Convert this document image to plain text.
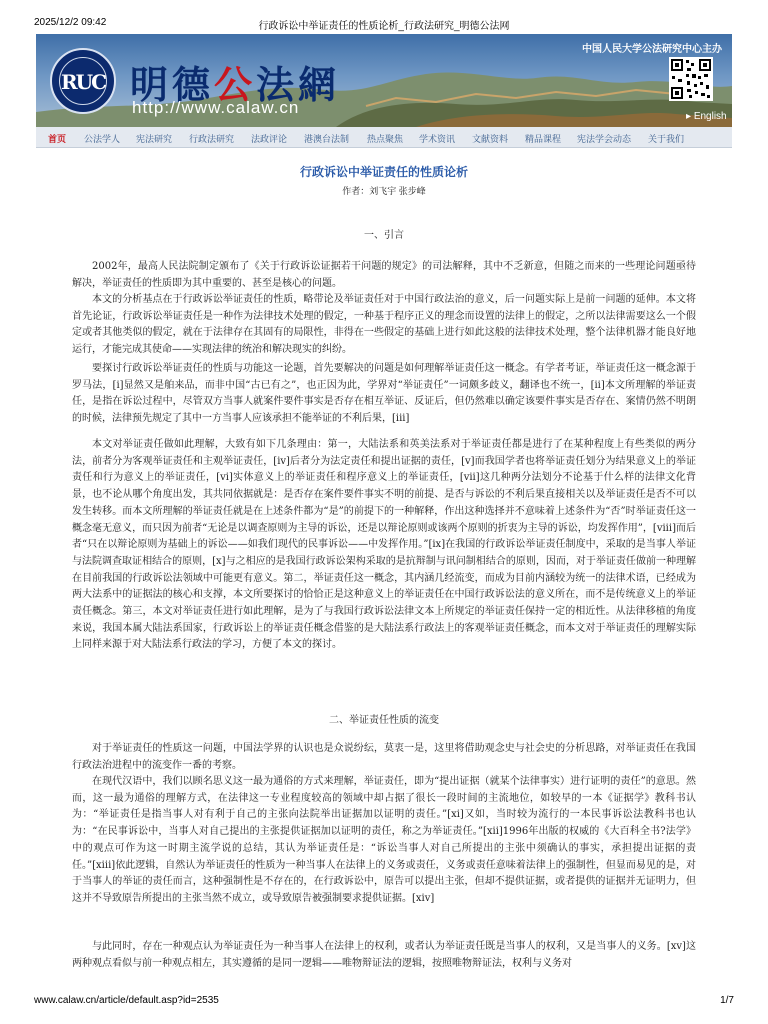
2025/12/2 09:42	行政诉讼中举证责任的性质论析_行政法研究_明德公法网
RUC 明德公法網
http://www.calaw.cn
中国人民大学公法研究中心主办
▸ English
首页 公法学人 宪法研究 行政法研究 法政评论 港澳台法制 热点聚焦 学术资讯 文献资料 精品课程 宪法学会动态 关于我们
行政诉讼中举证责任的性质论析
作者：刘飞宇 张步峰
一、引言

2002年，最高人民法院制定颁布了《关于行政诉讼证据若干问题的规定》的司法解释，其中不乏新意，但随之而来的一些理论问题亟待解决，举证责任的性质即为其中重要的、甚至是核心的问题。

本文的分析基点在于行政诉讼举证责任的性质，略带论及举证责任对于中国行政法治的意义，后一问题实际上是前一问题的延伸。本文将首先论证，行政诉讼举证责任是一种作为法律技术处理的假定，一种基于程序正义的理念而设置的法律上的假定，之所以法律需要这么一个假定或者其他类似的假定，就在于法律存在其固有的局限性，非得在一些假定的基础上进行如此这般的法律技术处理，整个法律机器才能良好地运行，才能完成其使命——实现法律的统治和解决现实的纠纷。

要探讨行政诉讼举证责任的性质与功能这一论题，首先要解决的问题是如何理解举证责任这一概念。有学者考证，举证责任这一概念源于罗马法，[i]显然又是舶来品，而非中国“古已有之”，也正因为此，学界对“举证责任”一词颇多歧义，翻译也不统一，[ii]本文所理解的举证责任，是指在诉讼过程中，尽管双方当事人就案件要件事实是否存在相互举证、反证后，但仍然难以确定该要件事实是否存在、案情仍然不明朗的时候，法律预先规定了其中一方当事人应该承担不能举证的不利后果，[iii]

本文对举证责任做如此理解，大致有如下几条理由：第一，大陆法系和英美法系对于举证责任都是进行了在某种程度上有些类似的两分法，前者分为客观举证责任和主观举证责任，[iv]后者分为法定责任和提出证据的责任，[v]而我国学者也将举证责任划分为结果意义上的举证责任和行为意义上的举证责任，[vi]实体意义上的举证责任和程序意义上的举证责任，[vii]这几种两分法划分不论基于什么样的法律文化背景，也不论从哪个角度出发，其共同依据就是：是否存在案件要件事实不明的前提、是否与诉讼的不利后果直接相关以及举证责任是否不可以发生转移。而本文所理解的举证责任就是在上述条件都为“是”的前提下的一种解释，作出这种选择并不意味着上述条件为“否”时举证责任这一概念毫无意义，而只因为前者“无论是以调查原则为主导的诉讼，还是以辩论原则或该两个原则的折衷为主导的诉讼，均发挥作用”，[viii]而后者“只在以辩论原则为基础上的诉讼——如我们现代的民事诉讼——中发挥作用。”[ix]在我国的行政诉讼举证责任制度中，采取的是当事人举证与法院调查取证相结合的原则，[x]与之相应的是我国行政诉讼架构采取的是抗辩制与讯问制相结合的原则，因而，对于举证责任做前一种理解在目前我国的行政诉讼法领域中可能更有意义。第二，举证责任这一概念，其内涵几经流变，而成为目前内涵较为统一的法律术语，已经成为两大法系中的证据法的核心和支撑，本文所要探讨的恰恰正是这种意义上的举证责任在中国行政诉讼法的意义所在，而不是传统意义上的举证责任概念。第三，本文对举证责任进行如此理解，是为了与我国行政诉讼法律文本上所规定的举证责任保持一定的相近性。从法律移植的角度来说，我国本属大陆法系国家，行政诉讼上的举证责任概念借鉴的是大陆法系行政法上的客观举证责任概念，而本文对于举证责任的理解实际上同样来源于对大陆法系行政法的学习，方便了本文的探讨。

二、举证责任性质的流变

对于举证责任的性质这一问题，中国法学界的认识也是众说纷纭，莫衷一是，这里将借助观念史与社会史的分析思路，对举证责任在我国行政法治进程中的流变作一番的考察。

在现代汉语中，我们以顾名思义这一最为通俗的方式来理解，举证责任，即为“提出证据（就某个法律事实）进行证明的责任”的意思。然而，这一最为通俗的理解方式，在法律这一专业程度较高的领域中却占据了很长一段时间的主流地位，如较早的一本《证据学》教科书认为：“举证责任是指当事人对有利于自己的主张向法院举出证据加以证明的责任。”[xi]又如，当时较为流行的一本民事诉讼法教科书也认为：“在民事诉讼中，当事人对自己提出的主张提供证据加以证明的责任，称之为举证责任。”[xii]1996年出版的权威的《大百科全书?法学》中的观点可作为这一时期主流学说的总结，其认为举证责任是：“诉讼当事人对自己所提出的主张中须确认的事实，承担提出证据的责任。”[xiii]依此逻辑，自然认为举证责任的性质为一种当事人在法律上的义务或责任，义务或责任意味着法律上的强制性，但显而易见的是，对于当事人的举证的责任而言，这种强制性是不存在的，在行政诉讼中，原告可以提出主张，但却不提供证据，或者提供的证据并无证明力，但这并不导致原告所提出的主张当然不成立，或导致原告被强制要求提供证据。[xiv]

与此同时，存在一种观点认为举证责任为一种当事人在法律上的权利，或者认为举证责任既是当事人的权利，又是当事人的义务。[xv]这两种观点看似与前一种观点相左，其实遵循的是同一逻辑——唯物辩证法的逻辑，按照唯物辩证法，权利与义务对

www.calaw.cn/article/default.asp?id=2535	1/7
